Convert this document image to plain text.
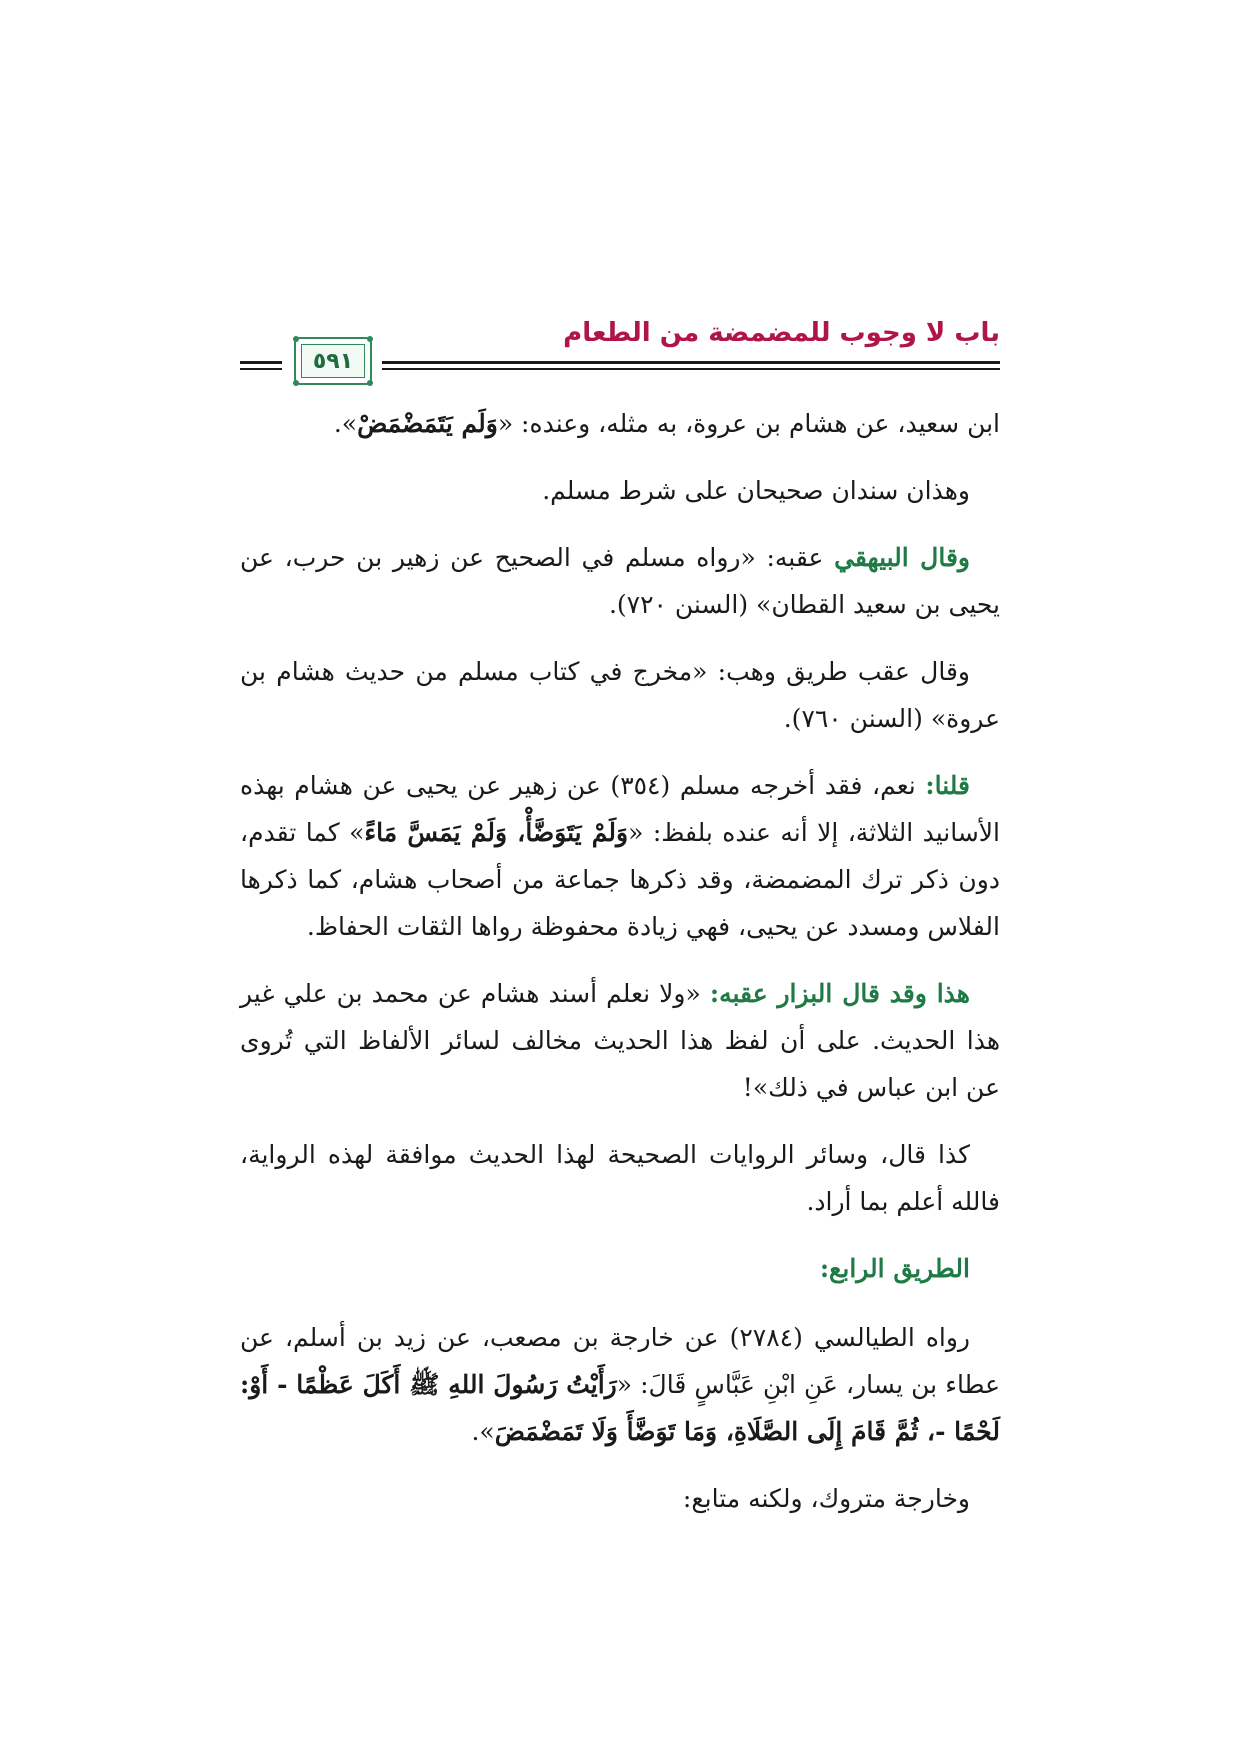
باب لا وجوب للمضمضة من الطعام
٥٩١

ابن سعيد، عن هشام بن عروة، به مثله، وعنده: «وَلَم يَتَمَضْمَضْ».

وهذان سندان صحيحان على شرط مسلم.

وقال البيهقي عقبه: «رواه مسلم في الصحيح عن زهير بن حرب، عن يحيى بن سعيد القطان» (السنن ٧٢٠).

وقال عقب طريق وهب: «مخرج في كتاب مسلم من حديث هشام بن عروة» (السنن ٧٦٠).

قلنا: نعم، فقد أخرجه مسلم (٣٥٤) عن زهير عن يحيى عن هشام بهذه الأسانيد الثلاثة، إلا أنه عنده بلفظ: «وَلَمْ يَتَوَضَّأْ، وَلَمْ يَمَسَّ مَاءً» كما تقدم، دون ذكر ترك المضمضة، وقد ذكرها جماعة من أصحاب هشام، كما ذكرها الفلاس ومسدد عن يحيى، فهي زيادة محفوظة رواها الثقات الحفاظ.

هذا وقد قال البزار عقبه: «ولا نعلم أسند هشام عن محمد بن علي غير هذا الحديث. على أن لفظ هذا الحديث مخالف لسائر الألفاظ التي تُروى عن ابن عباس في ذلك»!

كذا قال، وسائر الروايات الصحيحة لهذا الحديث موافقة لهذه الرواية، فالله أعلم بما أراد.

الطريق الرابع:

رواه الطيالسي (٢٧٨٤) عن خارجة بن مصعب، عن زيد بن أسلم، عن عطاء بن يسار، عَنِ ابْنِ عَبَّاسٍ قَالَ: «رَأَيْتُ رَسُولَ اللهِ ﷺ أَكَلَ عَظْمًا - أَوْ: لَحْمًا -، ثُمَّ قَامَ إِلَى الصَّلَاةِ، وَمَا تَوَضَّأَ وَلَا تَمَضْمَضَ».

وخارجة متروك، ولكنه متابع:
